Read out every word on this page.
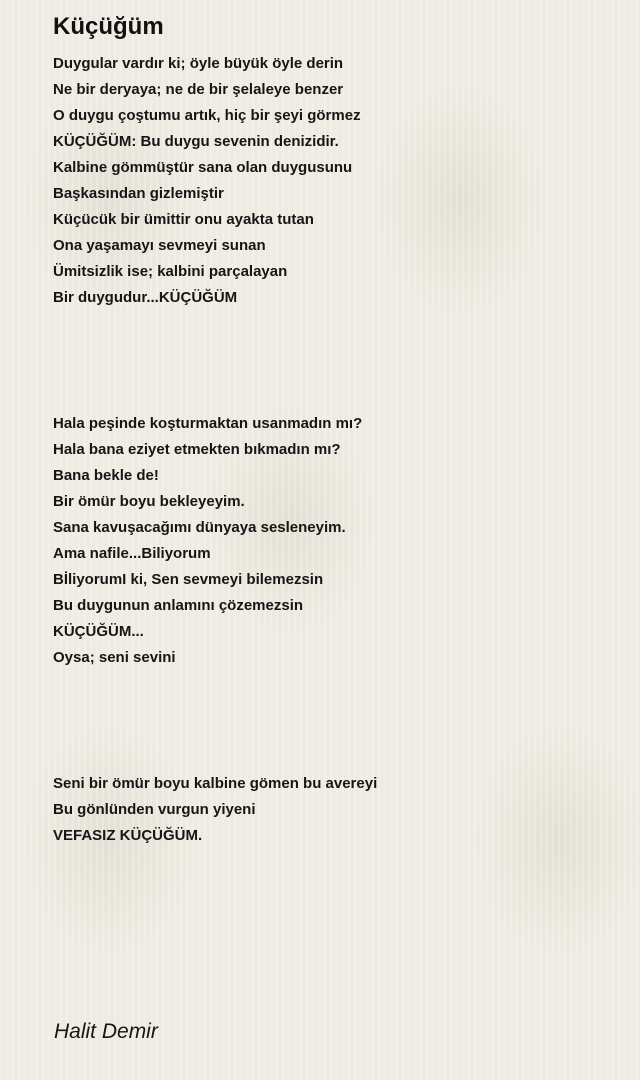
Küçüğüm
Duygular vardır ki; öyle büyük öyle derin
Ne bir deryaya; ne de bir şelaleye benzer
O duygu çoştumu artık, hiç bir şeyi görmez
KÜÇÜĞÜM: Bu duygu sevenin denizidir.
Kalbine gömmüştür sana olan duygusunu
Başkasından gizlemiştir
Küçücük bir ümittir onu ayakta tutan
Ona yaşamayı sevmeyi sunan
Ümitsizlik ise; kalbini parçalayan
Bir duygudur...KÜÇÜĞÜM
Hala peşinde koşturmaktan usanmadın mı?
Hala bana eziyet etmekten bıkmadın mı?
Bana bekle de!
Bir ömür boyu bekleyeyim.
Sana kavuşacağımı dünyaya sesleneyim.
Ama nafile...Biliyorum
BİliyorumI ki, Sen sevmeyi bilemezsin
Bu duygunun anlamını çözemezsin
KÜÇÜĞÜM...
Oysa; seni sevini
Seni bir ömür boyu kalbine gömen bu avereyi
Bu gönlünden vurgun yiyeni
VEFASIZ KÜÇÜĞÜM.
Halit Demir
